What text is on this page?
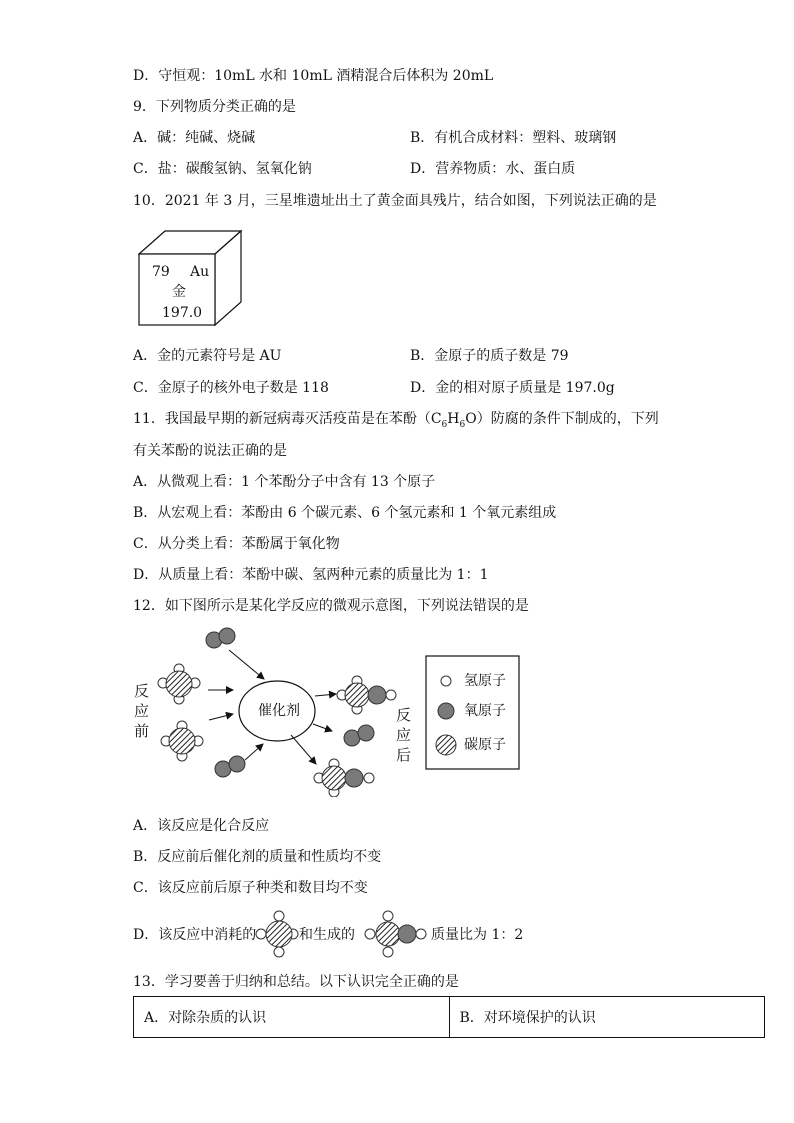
D．守恒观：10mL 水和 10mL 酒精混合后体积为 20mL
9．下列物质分类正确的是
A．碱：纯碱、烧碱	B．有机合成材料：塑料、玻璃钢
C．盐：碳酸氢钠、氢氧化钠	D．营养物质：水、蛋白质
10．2021 年 3 月，三星堆遗址出土了黄金面具残片，结合如图，下列说法正确的是
79 Au
金
197.0
A．金的元素符号是 AU	B．金原子的质子数是 79
C．金原子的核外电子数是 118	D．金的相对原子质量是 197.0g
11．我国最早期的新冠病毒灭活疫苗是在苯酚$(C_6H_6O)$防腐的条件下制成的，下列
有关苯酚的说法正确的是
A．从微观上看：1 个苯酚分子中含有 13 个原子
B．从宏观上看：苯酚由 6 个碳元素、6 个氢元素和 1 个氧元素组成
C．从分类上看：苯酚属于氧化物
D．从质量上看：苯酚中碳、氢两种元素的质量比为 1：1
12．如下图所示是某化学反应的微观示意图，下列说法错误的是
反
应
前
催化剂	反
应
后
氢原子
氧原子
碳原子
A．该反应是化合反应
B．反应前后催化剂的质量和性质均不变
C．该反应前后原子种类和数目均不变
D．该反应中消耗的	和生成的	质量比为 1：2
13．学习要善于归纳和总结。以下认识完全正确的是
A．对除杂质的认识	B．对环境保护的认识
